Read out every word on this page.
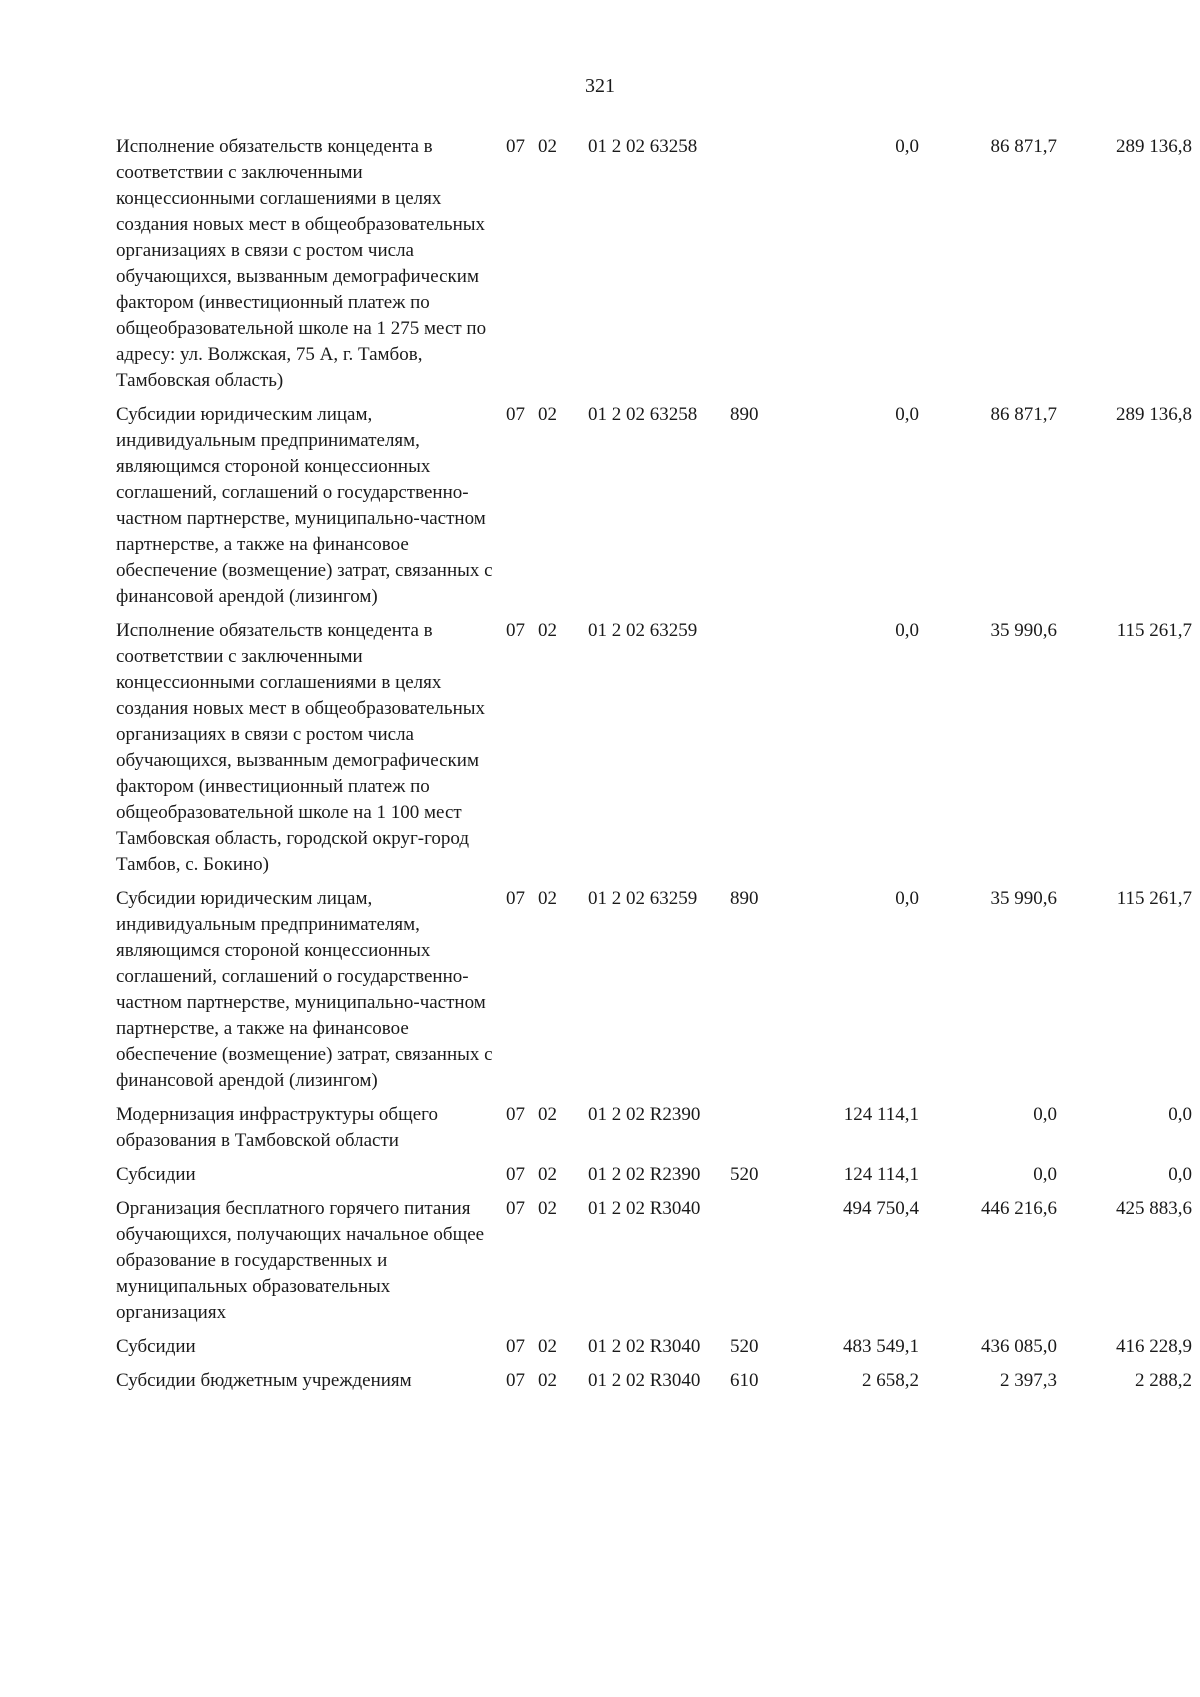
321
Исполнение обязательств концедента в соответствии с заключенными концессионными соглашениями в целях создания новых мест в общеобразовательных организациях в связи с ростом числа обучающихся, вызванным демографическим фактором (инвестиционный платеж по общеобразовательной школе на 1 275 мест по адресу: ул. Волжская, 75 А, г. Тамбов, Тамбовская область)	07	02	01 2 02 63258		0,0	86 871,7	289 136,8
Субсидии юридическим лицам, индивидуальным предпринимателям, являющимся стороной концессионных соглашений, соглашений о государственно-частном партнерстве, муниципально-частном партнерстве, а также на финансовое обеспечение (возмещение) затрат, связанных с финансовой арендой (лизингом)	07	02	01 2 02 63258	890	0,0	86 871,7	289 136,8
Исполнение обязательств концедента в соответствии с заключенными концессионными соглашениями в целях создания новых мест в общеобразовательных организациях в связи с ростом числа обучающихся, вызванным демографическим фактором (инвестиционный платеж по общеобразовательной школе на 1 100 мест Тамбовская область, городской округ-город Тамбов, с. Бокино)	07	02	01 2 02 63259		0,0	35 990,6	115 261,7
Субсидии юридическим лицам, индивидуальным предпринимателям, являющимся стороной концессионных соглашений, соглашений о государственно-частном партнерстве, муниципально-частном партнерстве, а также на финансовое обеспечение (возмещение) затрат, связанных с финансовой арендой (лизингом)	07	02	01 2 02 63259	890	0,0	35 990,6	115 261,7
Модернизация инфраструктуры общего образования в Тамбовской области	07	02	01 2 02 R2390		124 114,1	0,0	0,0
Субсидии	07	02	01 2 02 R2390	520	124 114,1	0,0	0,0
Организация бесплатного горячего питания обучающихся, получающих начальное общее образование в государственных и муниципальных образовательных организациях	07	02	01 2 02 R3040		494 750,4	446 216,6	425 883,6
Субсидии	07	02	01 2 02 R3040	520	483 549,1	436 085,0	416 228,9
Субсидии бюджетным учреждениям	07	02	01 2 02 R3040	610	2 658,2	2 397,3	2 288,2
